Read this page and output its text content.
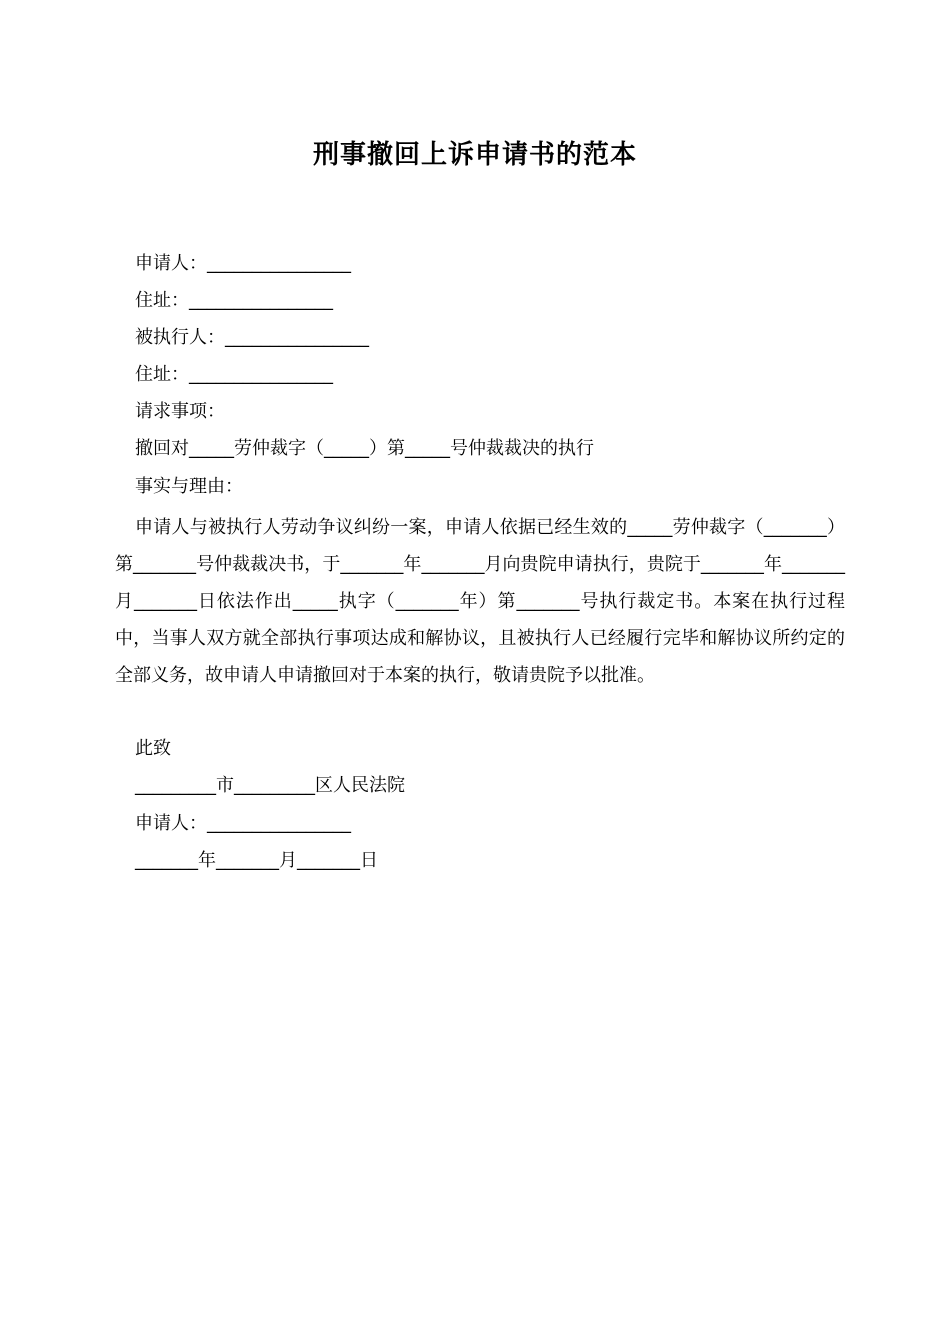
刑事撤回上诉申请书的范本
申请人：________________
住址：________________
被执行人：________________
住址：________________
请求事项：
撤回对_____劳仲裁字（_____）第_____号仲裁裁决的执行
事实与理由：
申请人与被执行人劳动争议纠纷一案，申请人依据已经生效的_____劳仲裁字（_______）第_______号仲裁裁决书，于_______年_______月向贵院申请执行，贵院于_______年_______月_______日依法作出_____执字（_______年）第_______号执行裁定书。本案在执行过程中，当事人双方就全部执行事项达成和解协议，且被执行人已经履行完毕和解协议所约定的全部义务，故申请人申请撤回对于本案的执行，敬请贵院予以批准。
此致
_________市_________区人民法院
申请人：________________
_______年_______月_______日
